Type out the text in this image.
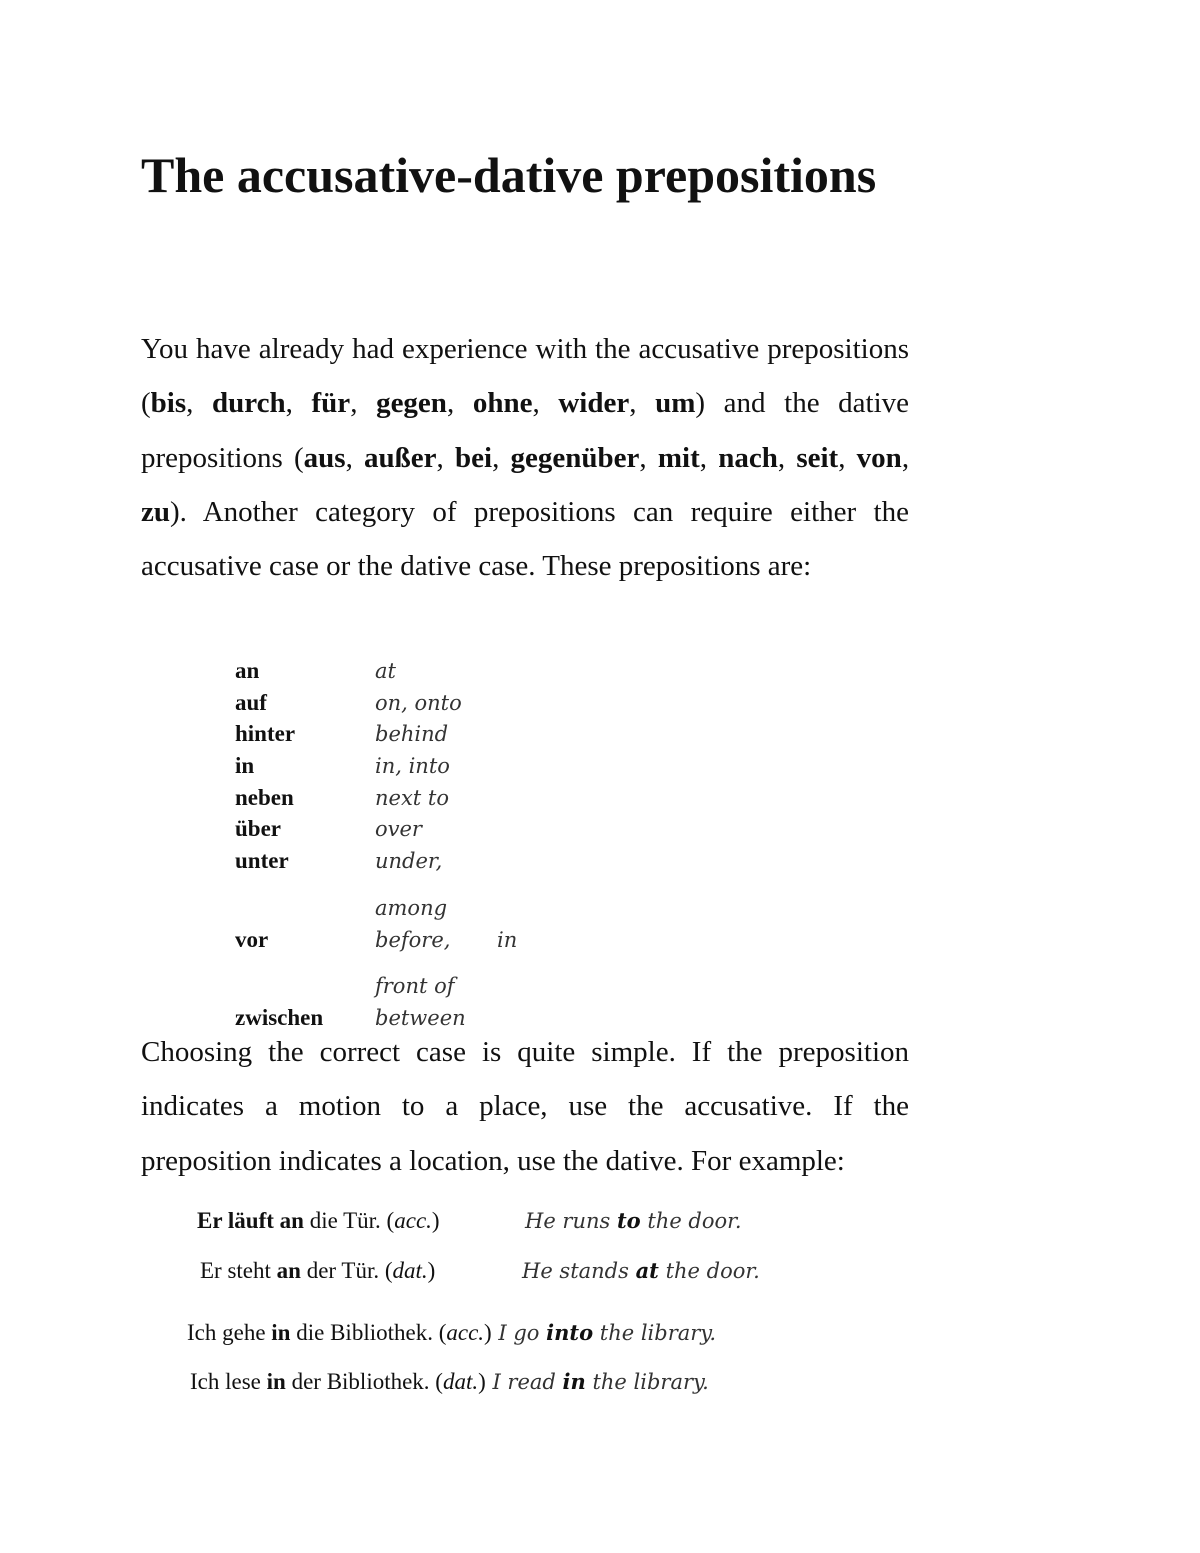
The accusative-dative prepositions

You have already had experience with the accusative prepositions (bis, durch, für, gegen, ohne, wider, um) and the dative prepositions (aus, außer, bei, gegenüber, mit, nach, seit, von, zu). Another category of prepositions can require either the accusative case or the dative case. These prepositions are:

an	at
auf	on, onto
hinter	behind
in	in, into
neben	next to
über	over
unter	under,
among
vor	before, in
front of
zwischen between

Choosing the correct case is quite simple. If the preposition indicates a motion to a place, use the accusative. If the preposition indicates a location, use the dative. For example:

Er läuft an die Tür. (acc.)	He runs to the door.
Er steht an der Tür. (dat.)	He stands at the door.
Ich gehe in die Bibliothek. (acc.) I go into the library.
Ich lese in der Bibliothek. (dat.) I read in the library.
